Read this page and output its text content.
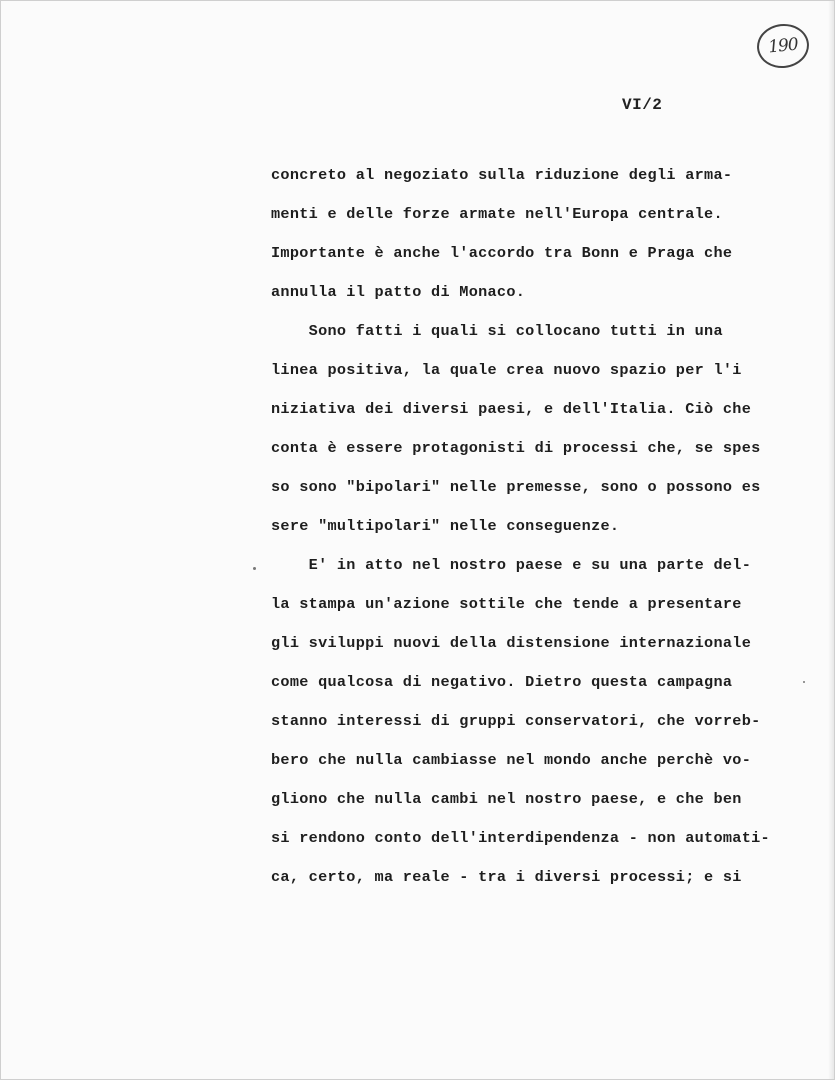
190
VI/2
concreto al negoziato sulla riduzione degli arma-
menti e delle forze armate nell'Europa centrale.
Importante è anche l'accordo tra Bonn e Praga che
annulla il patto di Monaco.
Sono fatti i quali si collocano tutti in una
linea positiva, la quale crea nuovo spazio per l'i
niziativa dei diversi paesi, e dell'Italia. Ciò che
conta è essere protagonisti di processi che, se spes
so sono "bipolari" nelle premesse, sono o possono es
sere "multipolari" nelle conseguenze.
E' in atto nel nostro paese e su una parte del-
la stampa un'azione sottile che tende a presentare
gli sviluppi nuovi della distensione internazionale
come qualcosa di negativo. Dietro questa campagna
stanno interessi di gruppi conservatori, che vorreb-
bero che nulla cambiasse nel mondo anche perchè vo-
gliono che nulla cambi nel nostro paese, e che ben
si rendono conto dell'interdipendenza - non automati-
ca, certo, ma reale - tra i diversi processi; e si
